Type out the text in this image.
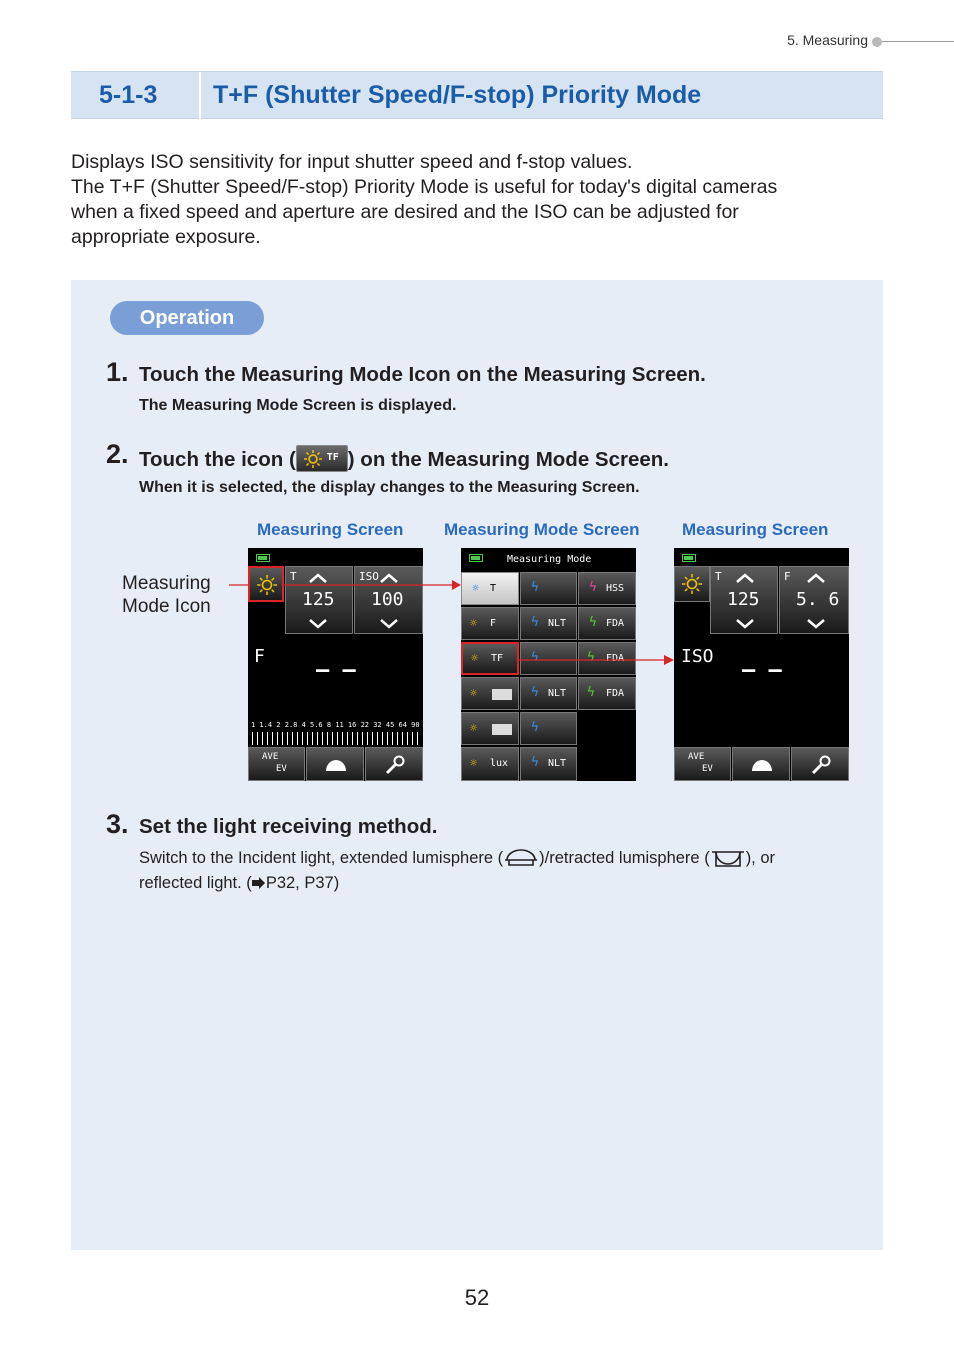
5. Measuring
5-1-3 T+F (Shutter Speed/F-stop) Priority Mode

Displays ISO sensitivity for input shutter speed and f-stop values.

The T+F (Shutter Speed/F-stop) Priority Mode is useful for today's digital cameras

when a fixed speed and aperture are desired and the ISO can be adjusted for

appropriate exposure.

Operation
1. Touch the Measuring Mode Icon on the Measuring Screen.
The Measuring Mode Screen is displayed.
2. Touch the icon (	TF ) on the Measuring Mode Screen.
When it is selected, the display changes to the Measuring Screen.
Measuring Screen Measuring Mode Screen Measuring Screen
Measuring
Mode Icon
T
125
ISO
100
F
– –
1 1.4 2 2.8 4 5.6 8 11 16 22 32 45 64 90
AVE
EV
Measuring Mode
☼ T	ϟ	ϟ HSS
☼ F	ϟ NLT ϟ FDA
☼ TF ϟ	ϟ FDA
☼	ϟ NLT ϟ FDA
☼	ϟ
☼ lux ϟ NLT
T
125
F
5. 6
ISO
– –
AVE
EV
3. Set the light receiving method.
Switch to the Incident light, extended lumisphere ( )/retracted lumisphere ( ), or
reflected light. ( P32, P37)
52
